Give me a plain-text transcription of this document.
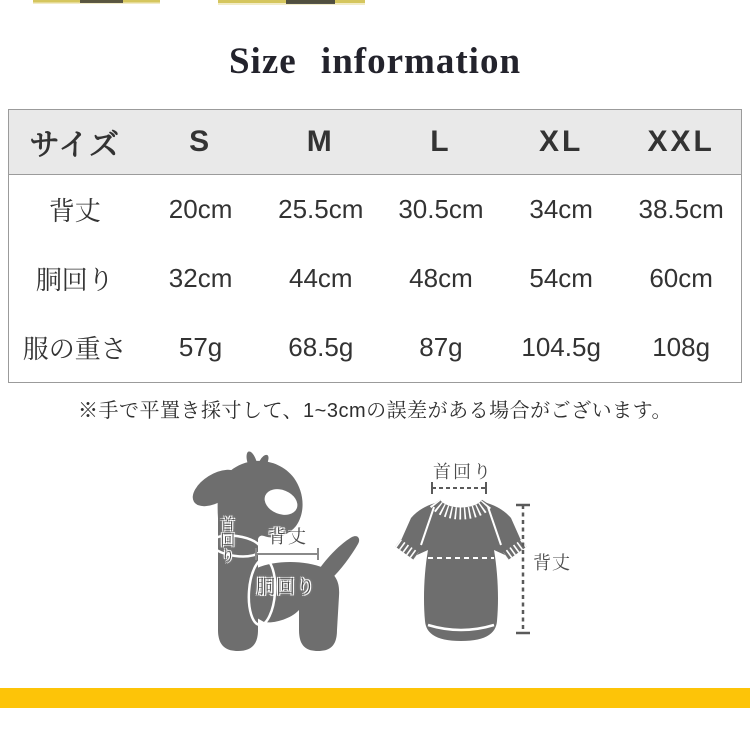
Size information
サイズ	S	M	L	XL	XXL
背丈	20cm	25.5cm	30.5cm	34cm	38.5cm
胴回り	32cm	44cm	48cm	54cm	60cm
服の重さ	57g	68.5g	87g	104.5g	108g
※手で平置き採寸して、1~3cmの誤差がある場合がございます。
首回り 背丈
胴回り
首回り
背丈
